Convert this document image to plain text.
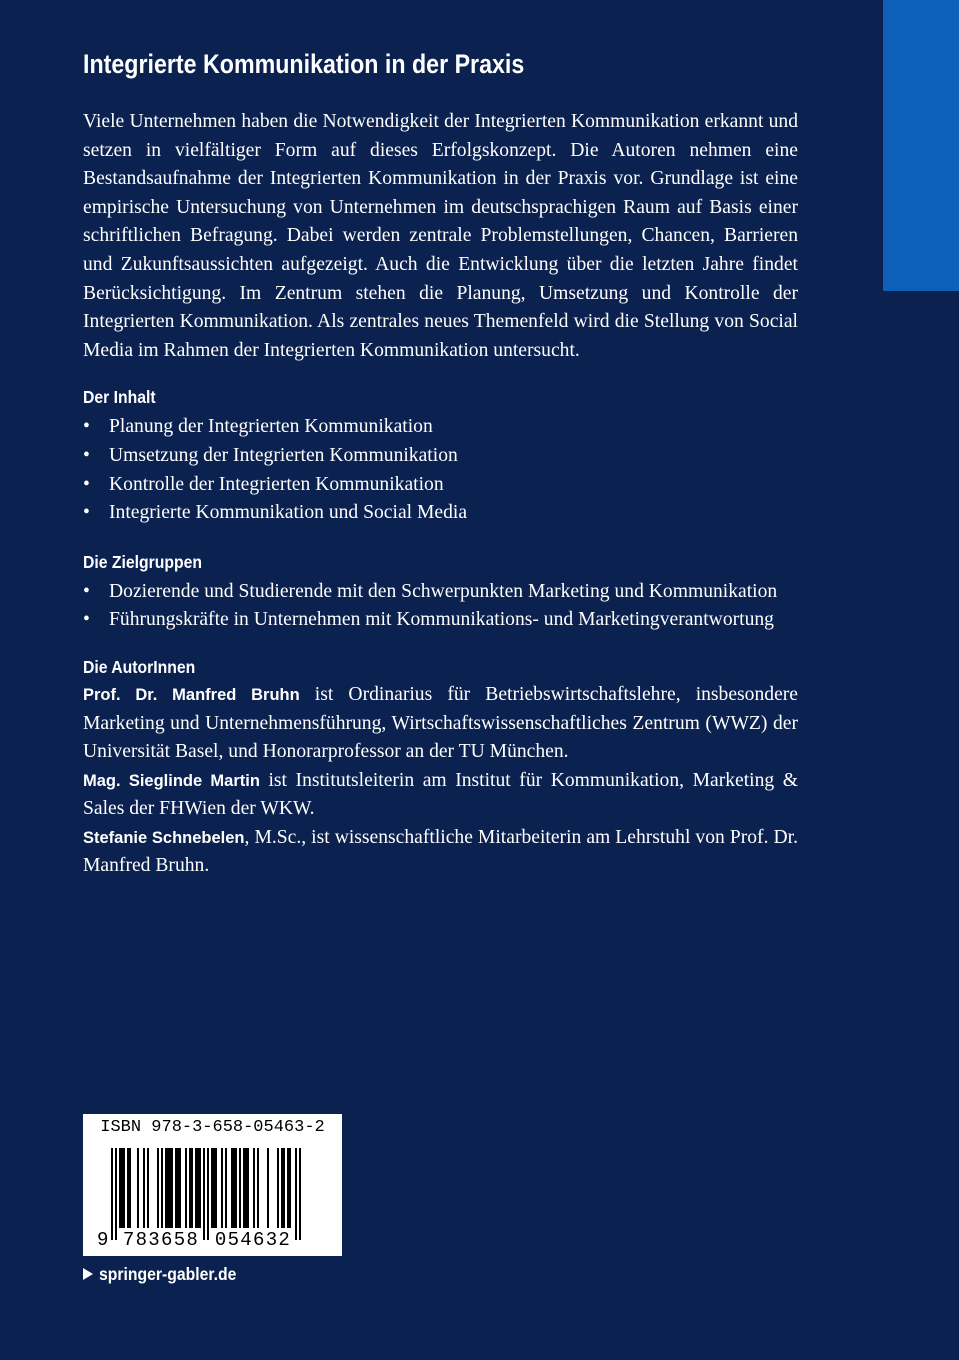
Integrierte Kommunikation in der Praxis

Viele Unternehmen haben die Notwendigkeit der Integrierten Kommunikation erkannt und setzen in vielfältiger Form auf dieses Erfolgskonzept. Die Autoren nehmen eine Bestandsaufnahme der Integrierten Kommunikation in der Praxis vor. Grundlage ist eine empirische Untersuchung von Unternehmen im deutschsprachigen Raum auf Basis einer schriftlichen Befragung. Dabei werden zentrale Problemstellungen, Chancen, Barrieren und Zukunftsaussichten aufgezeigt. Auch die Entwicklung über die letzten Jahre findet Berücksichtigung. Im Zentrum stehen die Planung, Umsetzung und Kontrolle der Integrierten Kommunikation. Als zentrales neues Themenfeld wird die Stellung von Social Media im Rahmen der Integrierten Kommunikation untersucht.

Der Inhalt
• Planung der Integrierten Kommunikation
• Umsetzung der Integrierten Kommunikation
• Kontrolle der Integrierten Kommunikation
• Integrierte Kommunikation und Social Media
Die Zielgruppen
• Dozierende und Studierende mit den Schwerpunkten Marketing und Kommunikation
• Führungskräfte in Unternehmen mit Kommunikations- und Marketingverantwortung
Die AutorInnen

Prof. Dr. Manfred Bruhn ist Ordinarius für Betriebswirtschaftslehre, insbesondere Marketing und Unternehmensführung, Wirtschaftswissenschaftliches Zentrum (WWZ) der Universität Basel, und Honorarprofessor an der TU München.

Mag. Sieglinde Martin ist Institutsleiterin am Institut für Kommunikation, Marketing & Sales der FHWien der WKW.

Stefanie Schnebelen, M.Sc., ist wissenschaftliche Mitarbeiterin am Lehrstuhl von Prof. Dr. Manfred Bruhn.

ISBN 978-3-658-05463-2
9 783658 054632
springer-gabler.de
